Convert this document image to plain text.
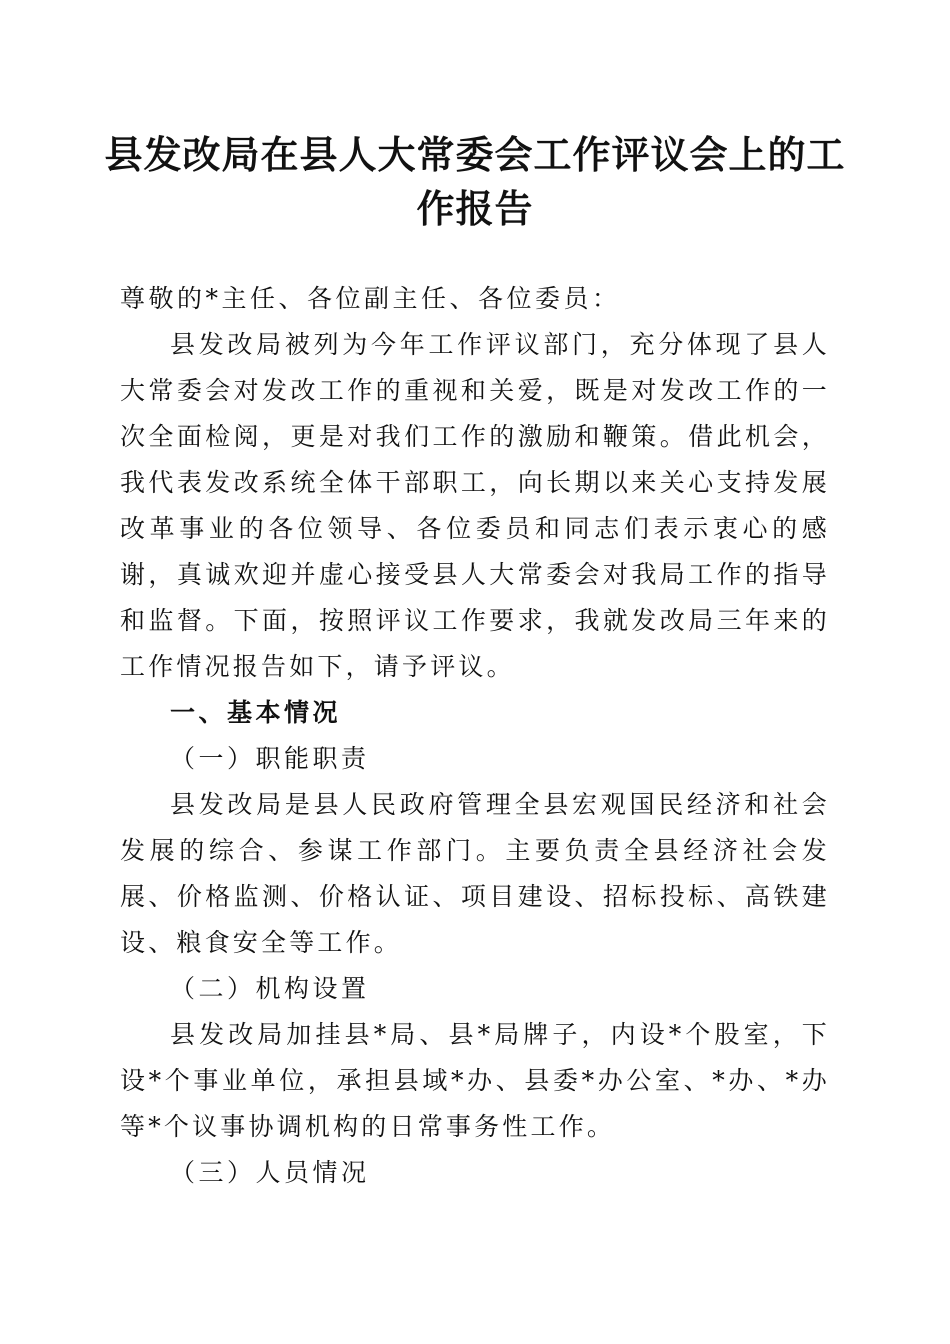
县发改局在县人大常委会工作评议会上的工作报告

尊敬的*主任、各位副主任、各位委员：

县发改局被列为今年工作评议部门，充分体现了县人大常委会对发改工作的重视和关爱，既是对发改工作的一次全面检阅，更是对我们工作的激励和鞭策。借此机会，我代表发改系统全体干部职工，向长期以来关心支持发展改革事业的各位领导、各位委员和同志们表示衷心的感谢，真诚欢迎并虚心接受县人大常委会对我局工作的指导和监督。下面，按照评议工作要求，我就发改局三年来的工作情况报告如下，请予评议。

一、基本情况

（一）职能职责

县发改局是县人民政府管理全县宏观国民经济和社会发展的综合、参谋工作部门。主要负责全县经济社会发展、价格监测、价格认证、项目建设、招标投标、高铁建设、粮食安全等工作。

（二）机构设置

县发改局加挂县*局、县*局牌子，内设*个股室，下设*个事业单位，承担县域*办、县委*办公室、*办、*办等*个议事协调机构的日常事务性工作。

（三）人员情况
